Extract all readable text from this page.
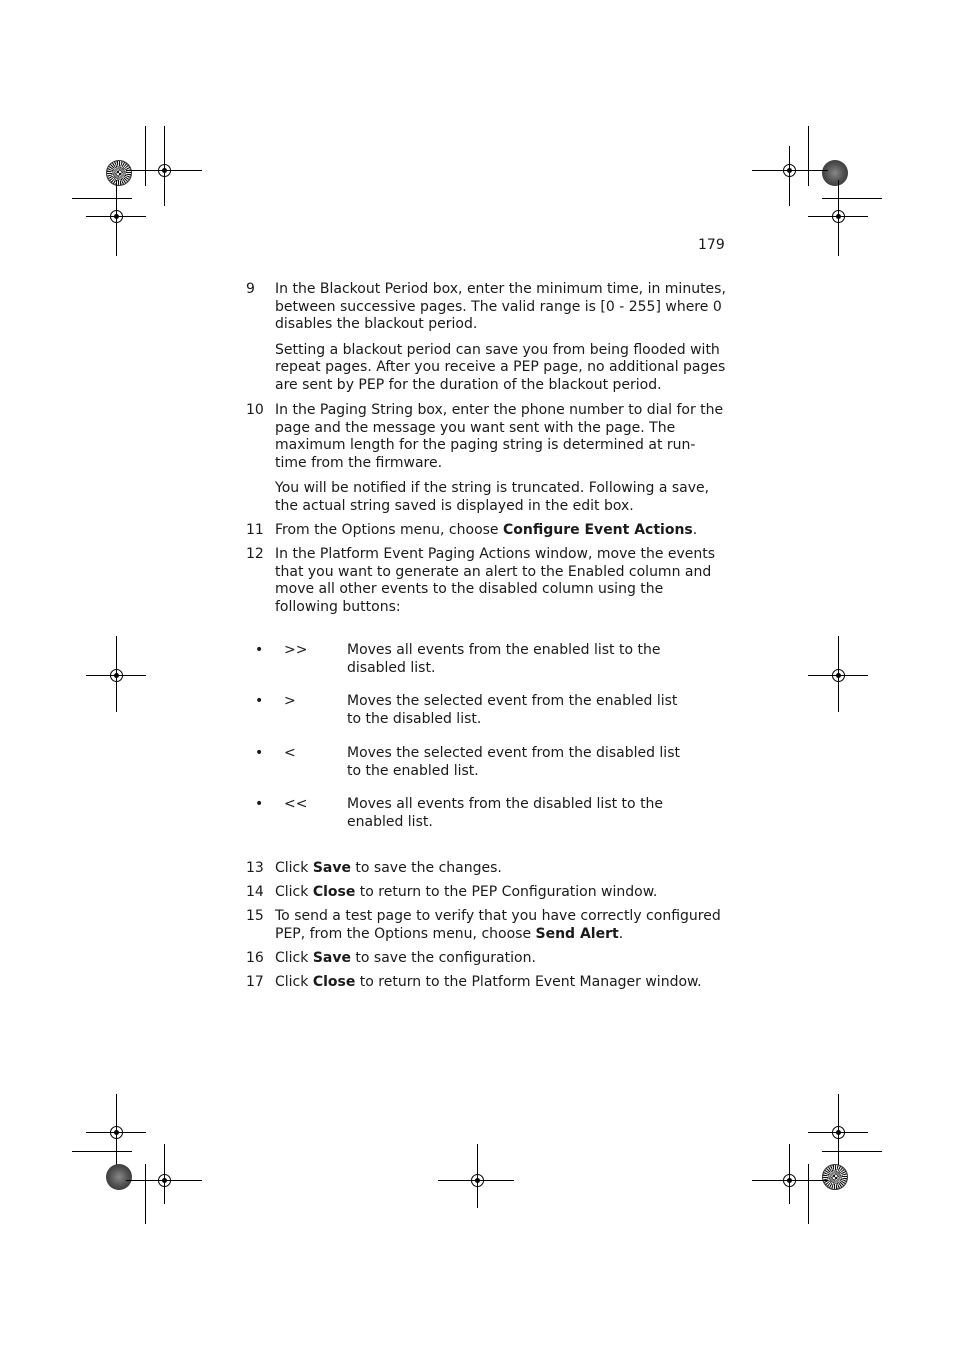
179
9 In the Blackout Period box, enter the minimum time, in minutes, between successive pages. The valid range is [0 - 255] where 0 disables the blackout period.
Setting a blackout period can save you from being flooded with repeat pages. After you receive a PEP page, no additional pages are sent by PEP for the duration of the blackout period.
10 In the Paging String box, enter the phone number to dial for the page and the message you want sent with the page. The maximum length for the paging string is determined at run-time from the firmware.
You will be notified if the string is truncated. Following a save, the actual string saved is displayed in the edit box.
11 From the Options menu, choose Configure Event Actions.
12 In the Platform Event Paging Actions window, move the events that you want to generate an alert to the Enabled column and move all other events to the disabled column using the following buttons:
• >>	Moves all events from the enabled list to the disabled list.
• >	Moves the selected event from the enabled list to the disabled list.
• <	Moves the selected event from the disabled list to the enabled list.
• <<	Moves all events from the disabled list to the enabled list.
13 Click Save to save the changes.
14 Click Close to return to the PEP Configuration window.
15 To send a test page to verify that you have correctly configured PEP, from the Options menu, choose Send Alert.
16 Click Save to save the configuration.
17 Click Close to return to the Platform Event Manager window.
